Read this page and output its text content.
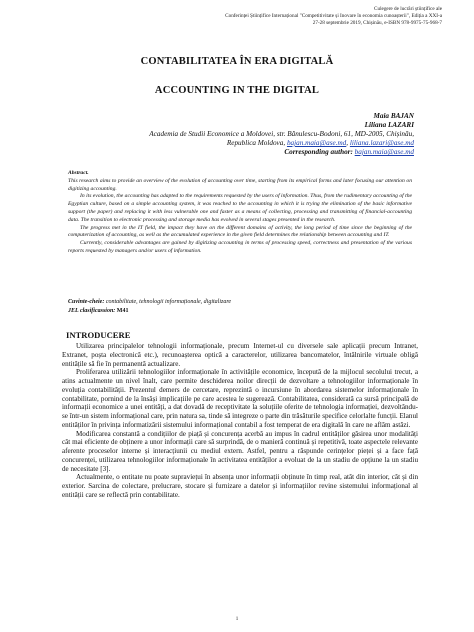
Culegere de lucrări științifice ale
Conferinței Științifice Internațional "Competitivitate și Inovare în economia cunoașterii", Ediția a XXI-a
27-28 septembrie 2019, Chișinău, e-ISBN 978-9975-75-968-7
CONTABILITATEA ÎN ERA DIGITALĂ
ACCOUNTING IN THE DIGITAL
Maia BAJAN
Liliana LAZARI
Academia de Studii Economice a Moldovei, str. Bănulescu-Bodoni, 61, MD-2005, Chișinău,
Republica Moldova, bajan.maia@ase.md, liliana.lazari@ase.md
Corresponding author: bajan.maia@ase.md
Abstract.

This research aims to provide an overview of the evolution of accounting over time, starting from its empirical forms and later focusing our attention on digitizing accounting.

In its evolution, the accounting has adapted to the requirements requested by the users of information. Thus, from the rudimentary accounting of the Egyptian culture, based on a simple accounting system, it was reached to the accounting in which it is trying the elimination of the basic informative support (the paper) and replacing it with less vulnerable one and faster as a means of collecting, processing and transmitting of financial-accounting data. The transition to electronic processing and storage media has evolved in several stages presented in the research.

The progress met in the IT field, the impact they have on the different domains of activity, the long period of time since the beginning of the computerization of accounting, as well as the accumulated experience in the given field determines the relationship between accounting and IT.

Currently, considerable advantages are gained by digitizing accounting in terms of processing speed, correctness and presentation of the various reports requested by managers and/or users of information.

Cuvinte-cheie: contabilitate, tehnologii informaționale, digitalizare
JEL clasificassion: M41
INTRODUCERE

Utilizarea principalelor tehnologii informaționale, precum Internet-ul cu diversele sale aplicații precum Intranet, Extranet, poșta electronică etc.), recunoașterea optică a caracterelor, utilizarea bancomatelor, întâlnirile virtuale obligă entitățile să fie în permanentă actualizare.

Proliferarea utilizării tehnologiilor informaționale în activitățile economice, începută de la mijlocul secolului trecut, a atins actualmente un nivel înalt, care permite deschiderea noilor direcții de dezvoltare a tehnologiilor informaționale în evoluția contabilității. Prezentul demers de cercetare, reprezintă o incursiune în abordarea sistemelor informaționale în contabilitate, pornind de la însăși implicațiile pe care acestea le sugerează. Contabilitatea, considerată ca sursă principală de informații economice a unei entități, a dat dovadă de receptivitate la soluțiile oferite de tehnologia informației, dezvoltându-se într-un sistem informațional care, prin natura sa, tinde să integreze o parte din trăsăturile specifice celorlalte funcții. Elanul entităților în privința informatizării sistemului informațional contabil a fost temperat de era digitală în care ne aflăm astăzi.

Modificarea constantă a condițiilor de piață și concurența acerbă au impus în cadrul entităților găsirea unor modalități cât mai eficiente de obținere a unor informații care să surprindă, de o manieră continuă și repetitivă, toate aspectele relevante aferente proceselor interne și interacțiunii cu mediul extern. Astfel, pentru a răspunde cerințelor pieței și a face față concurenței, utilizarea tehnologiilor informaționale în activitatea entităților a evoluat de la un stadiu de opțiune la un stadiu de necesitate [3].

Actualmente, o entitate nu poate supraviețui în absența unor informații obținute în timp real, atât din interior, cât și din exterior. Sarcina de colectare, prelucrare, stocare și furnizare a datelor și informațiilor revine sistemului informațional al entității care se reflectă prin contabilitate.

1
